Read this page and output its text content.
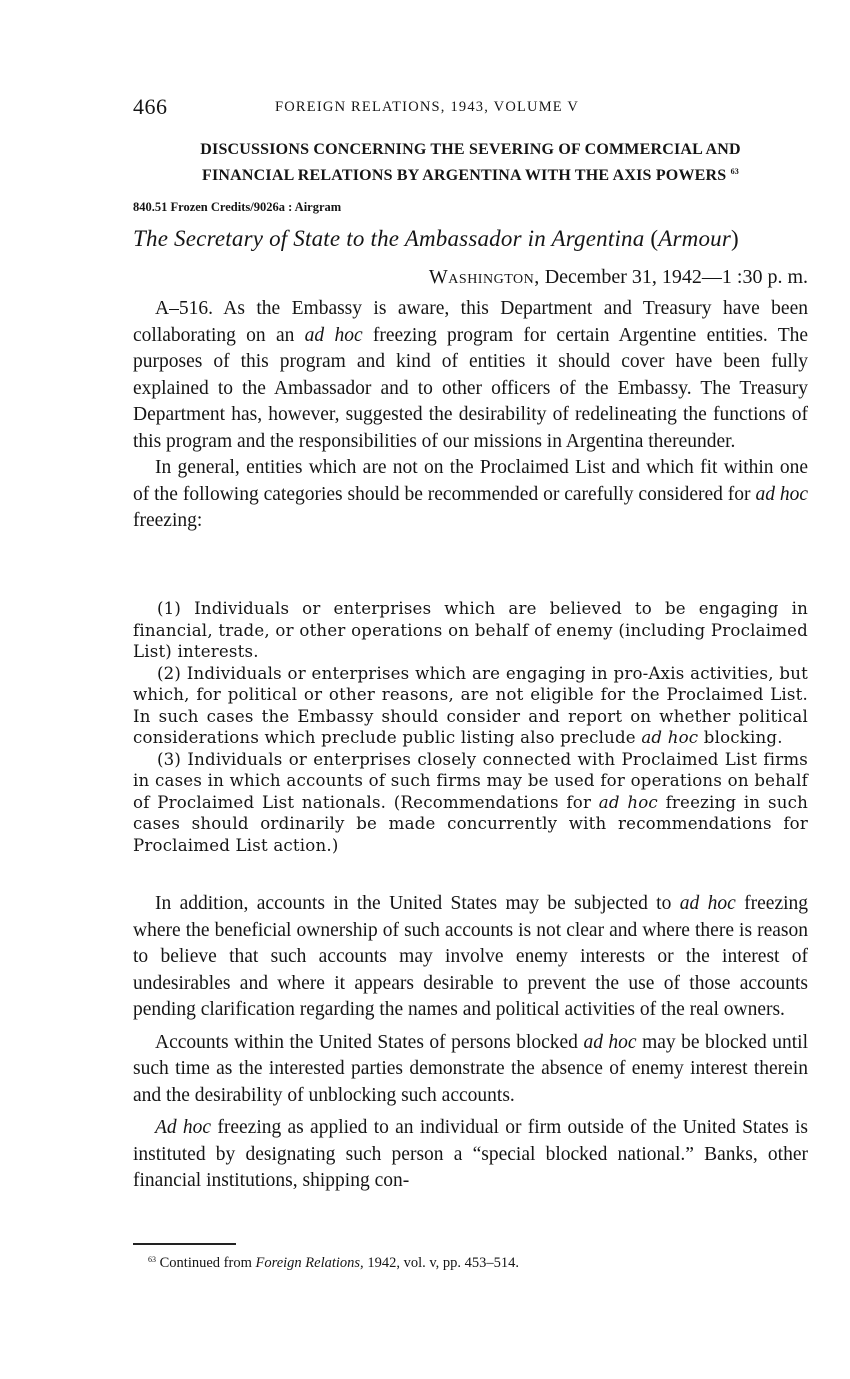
466	FOREIGN RELATIONS, 1943, VOLUME V
DISCUSSIONS CONCERNING THE SEVERING OF COMMERCIAL AND
FINANCIAL RELATIONS BY ARGENTINA WITH THE AXIS POWERS $^{63}$
840.51 Frozen Credits/9026a : Airgram
The Secretary of State to the Ambassador in Argentina (Armour)
Washington, December 31, 1942—1 :30 p. m.

A–516. As the Embassy is aware, this Department and Treasury have been collaborating on an ad hoc freezing program for certain Argentine entities. The purposes of this program and kind of entities it should cover have been fully explained to the Ambassador and to other officers of the Embassy. The Treasury Department has, however, suggested the desirability of redelineating the functions of this program and the responsibilities of our missions in Argentina thereunder.

In general, entities which are not on the Proclaimed List and which fit within one of the following categories should be recommended or carefully considered for ad hoc freezing:

(1) Individuals or enterprises which are believed to be engaging in financial, trade, or other operations on behalf of enemy (including Proclaimed List) interests.

(2) Individuals or enterprises which are engaging in pro-Axis activities, but which, for political or other reasons, are not eligible for the Proclaimed List. In such cases the Embassy should consider and report on whether political considerations which preclude public listing also preclude ad hoc blocking.

(3) Individuals or enterprises closely connected with Proclaimed List firms in cases in which accounts of such firms may be used for operations on behalf of Proclaimed List nationals. (Recommendations for ad hoc freezing in such cases should ordinarily be made concurrently with recommendations for Proclaimed List action.)

In addition, accounts in the United States may be subjected to ad hoc freezing where the beneficial ownership of such accounts is not clear and where there is reason to believe that such accounts may involve enemy interests or the interest of undesirables and where it appears desirable to prevent the use of those accounts pending clarification regarding the names and political activities of the real owners.

Accounts within the United States of persons blocked ad hoc may be blocked until such time as the interested parties demonstrate the absence of enemy interest therein and the desirability of unblocking such accounts.

Ad hoc freezing as applied to an individual or firm outside of the United States is instituted by designating such person a “special blocked national.” Banks, other financial institutions, shipping con-

$^{63}$ Continued from Foreign Relations, 1942, vol. v, pp. 453–514.
